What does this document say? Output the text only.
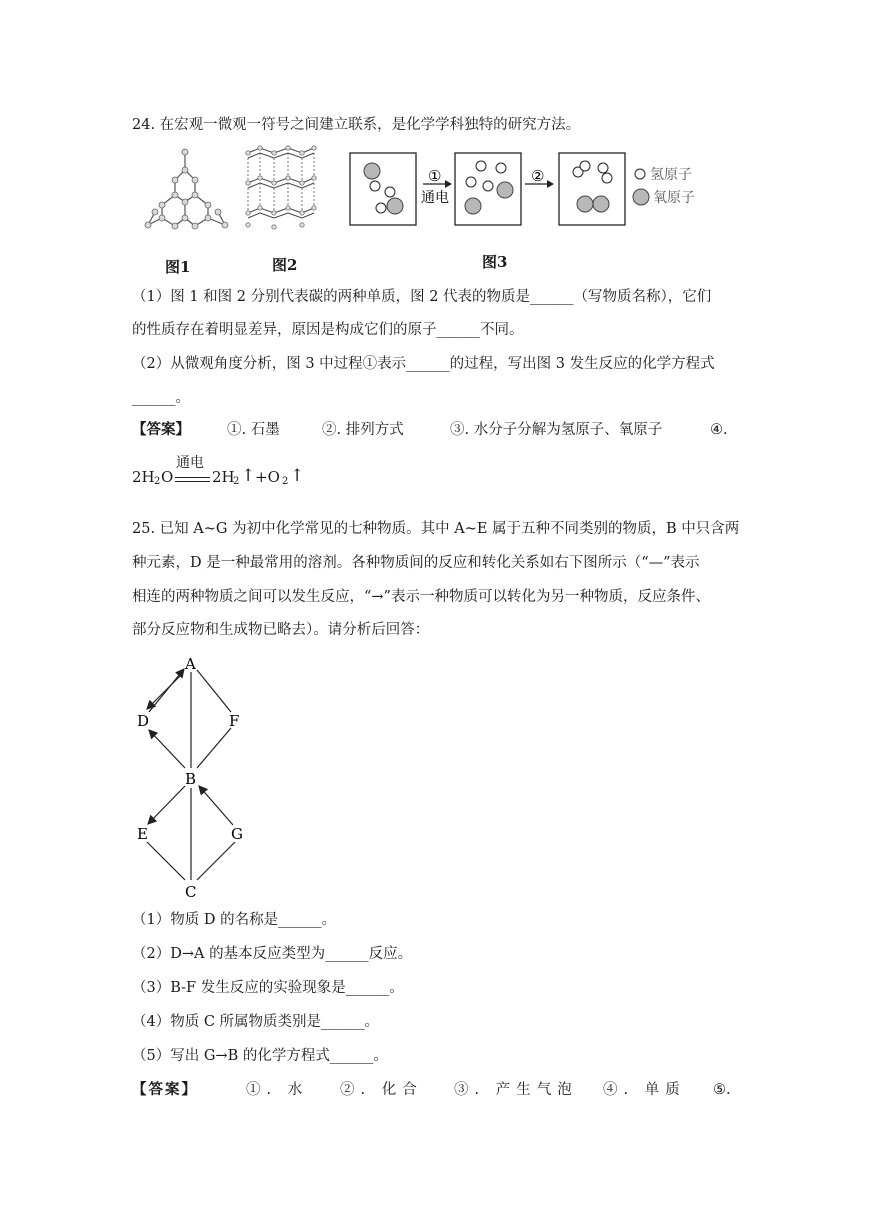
24. 在宏观一微观一符号之间建立联系，是化学学科独特的研究方法。
①
通电
②	氢原子
氧原子
图1	图2	图3
（1）图 1 和图 2 分别代表碳的两种单质，图 2 代表的物质是______（写物质名称），它们
的性质存在着明显差异，原因是构成它们的原子______不同。
（2）从微观角度分析，图 3 中过程①表示______的过程，写出图 3 发生反应的化学方程式
______。
【答案】	①. 石墨	②. 排列方式	③. 水分子分解为氢原子、氧原子	④.
2H 2 O
通电
2H
2 ↑ +O 2 ↑
25. 已知 A~G 为初中化学常见的七种物质。其中 A~E 属于五种不同类别的物质，B 中只含两
种元素，D 是一种最常用的溶剂。各种物质间的反应和转化关系如右下图所示（“—”表示
相连的两种物质之间可以发生反应，“→”表示一种物质可以转化为另一种物质，反应条件、
部分反应物和生成物已略去）。请分析后回答：
A
D	F
B
E	G
C
（1）物质 D 的名称是______。
（2）D→A 的基本反应类型为______反应。
（3）B-F 发生反应的实验现象是______。
（4）物质 C 所属物质类别是______。
（5）写出 G→B 的化学方程式______。
【答案】	①. 水 ②. 化合 ③. 产生气泡 ④. 单质 ⑤.
